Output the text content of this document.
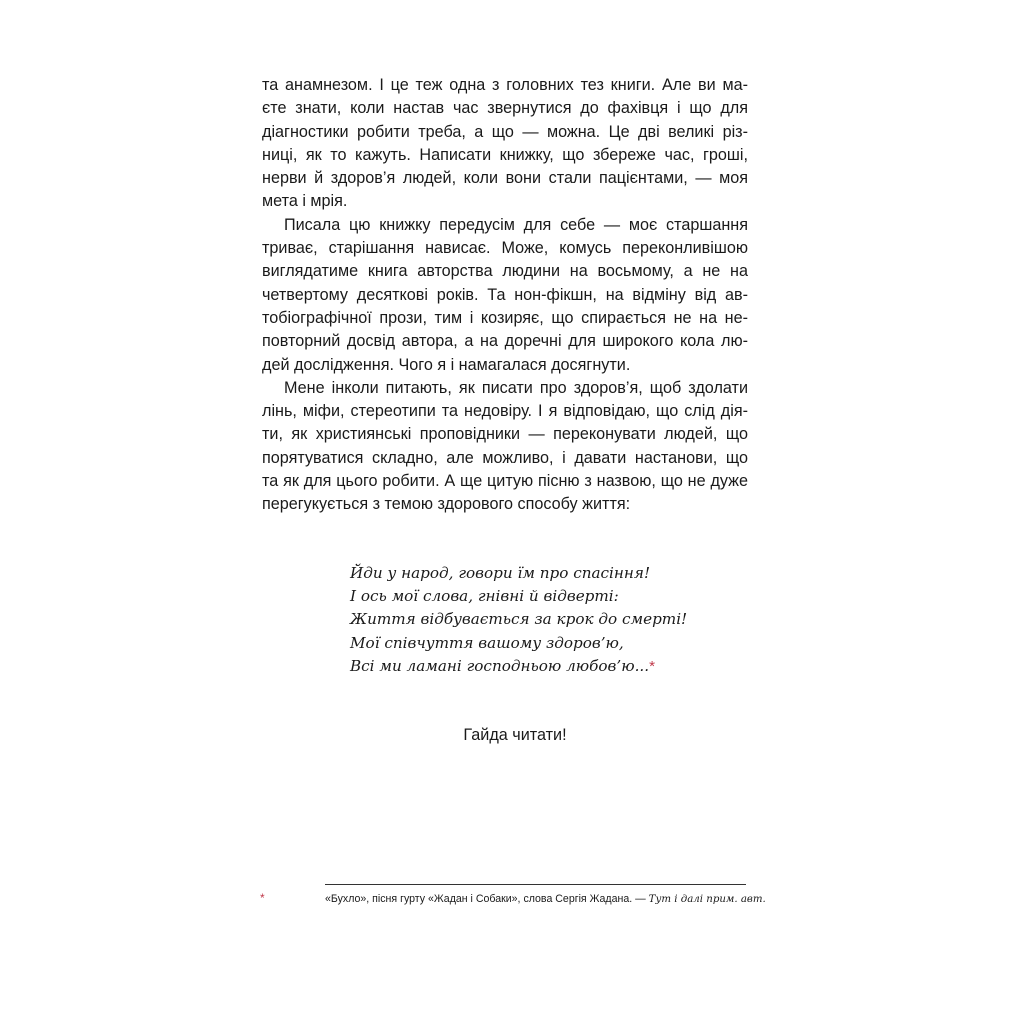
та анамнезом. І це теж одна з головних тез книги. Але ви ма-
єте знати, коли настав час звернутися до фахівця і що для
діагностики робити треба, а що — можна. Це дві великі різ-
ниці, як то кажуть. Написати книжку, що збереже час, гроші,
нерви й здоров’я людей, коли вони стали пацієнтами, — моя
мета і мрія.
Писала цю книжку передусім для себе — моє старшання
триває, старішання нависає. Може, комусь переконливішою
виглядатиме книга авторства людини на восьмому, а не на
четвертому десяткові років. Та нон-фікшн, на відміну від ав-
тобіографічної прози, тим і козиряє, що спирається не на не-
повторний досвід автора, а на доречні для широкого кола лю-
дей дослідження. Чого я і намагалася досягнути.
Мене інколи питають, як писати про здоров’я, щоб здолати
лінь, міфи, стереотипи та недовіру. І я відповідаю, що слід дія-
ти, як християнські проповідники — переконувати людей, що
порятуватися складно, але можливо, і давати настанови, що
та як для цього робити. А ще цитую пісню з назвою, що не дуже
перегукується з темою здорового способу життя:
Йди у народ, говори їм про спасіння!
І ось мої слова, гнівні й відверті:
Життя відбувається за крок до смерті!
Мої співчуття вашому здоров’ю,
Всі ми ламані господньою любов’ю...*
Гайда читати!
*	«Бухло», пісня гурту «Жадан і Собаки», слова Сергія Жадана. — Тут і далі прим. авт.
